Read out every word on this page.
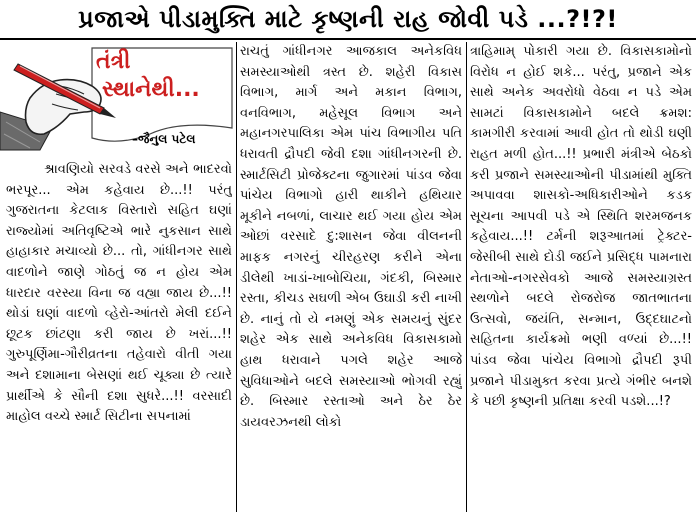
પ્રજાએ પીડામુક્તિ માટે કૃષ્ણની રાહ જોવી પડે ...?!?!
તંત્રી
સ્થાનેથી...
–જૈનુલ પટેલ

શ્રાવણિયો સરવડે વરસે અને ભાદરવો ભરપૂર... એમ કહેવાય છે...!! પરંતુ ગુજરાતના કેટલાક વિસ્તારો સહિત ઘણાં રાજ્યોમાં અતિવૃષ્ટિએ ભારે નુકસાન સાથે હાહાકાર મચાવ્યો છે... તો, ગાંધીનગર સાથે વાદળોને જાણે ગોઠતું જ ન હોય એમ ધારદાર વરસ્યા વિના જ વહ્યા જાય છે...!! થોડાં ઘણાં વાદળો વ્હેરો-આંતરો મેલી દઈને છૂટક છાંટણા કરી જાય છે ખરાં...!! ગુરુપૂર્ણિમા-ગૌરીવ્રતના તહેવારો વીતી ગયા અને દશામાના બેસણાં થઈ ચૂક્યા છે ત્યારે પ્રાર્થીએ કે સૌની દશા સુધરે...!! વરસાદી માહોલ વચ્ચે સ્માર્ટ સિટીના સપનામાં

રાચતું ગાંધીનગર આજકાલ અનેકવિધ સમસ્યાઓથી ત્રસ્ત છે. શહેરી વિકાસ વિભાગ, માર્ગ અને મકાન વિભાગ, વનવિભાગ, મહેસૂલ વિભાગ અને મહાનગરપાલિકા એમ પાંચ વિભાગીય પતિ ધરાવતી દ્રૌપદી જેવી દશા ગાંધીનગરની છે. સ્માર્ટસિટી પ્રોજેક્ટના જુગારમાં પાંડવ જેવા પાંચેય વિભાગો હારી થાકીને હથિયાર મૂકીને નબળાં, લાચાર થઈ ગયા હોય એમ ઓછાં વરસાદે દુ:શાસન જેવા વીલનની માફક નગરનું ચીરહરણ કરીને એના ડીલેથી ખાડાં-ખાબોચિયા, ગંદકી, બિસ્માર રસ્તા, કીચડ સઘળી એબ ઉઘાડી કરી નાખી છે. નાનું તો યે નમણું એક સમયનું સુંદર શહેર એક સાથે અનેકવિધ વિકાસકામો હાથ ધરાવાને પગલે શહેર આજે સુવિધાઓને બદલે સમસ્યાઓ ભોગવી રહ્યું છે. બિસ્માર રસ્તાઓ અને ઠેર ઠેર ડાયવરઝનથી લોકો

ત્રાહિમામ્ પોકારી ગયા છે. વિકાસકામોનો વિરોધ ન હોઈ શકે... પરંતુ, પ્રજાને એક સાથે અનેક અવરોધો વેઠવા ન પડે એમ સામટાં વિકાસકામોને બદલે ક્રમશ: કામગીરી કરવામાં આવી હોત તો થોડી ઘણી રાહત મળી હોત...!! પ્રભારી મંત્રીએ બેઠકો કરી પ્રજાને સમસ્યાઓની પીડામાંથી મુક્તિ અપાવવા શાસકો-અધિકારીઓને કડક સૂચના આપવી પડે એ સ્થિતિ શરમજનક કહેવાય...!! ટર્મની શરૂઆતમાં ટ્રેક્ટર-જેસીબી સાથે દોડી જઈને પ્રસિદ્ધ પામનારા નેતાઓ-નગરસેવકો આજે સમસ્યાગ્રસ્ત સ્થળોને બદલે રોજરોજ જાતભાતના ઉત્સવો, જયંતિ, સન્માન, ઉદ્દઘાટનો સહિતના કાર્યક્રમો ભણી વળ્યાં છે...!! પાંડવ જેવા પાંચેય વિભાગો દ્રૌપદી રૂપી પ્રજાને પીડામુક્ત કરવા પ્રત્યે ગંભીર બનશે કે પછી કૃષ્ણની પ્રતિક્ષા કરવી પડશે...!?
